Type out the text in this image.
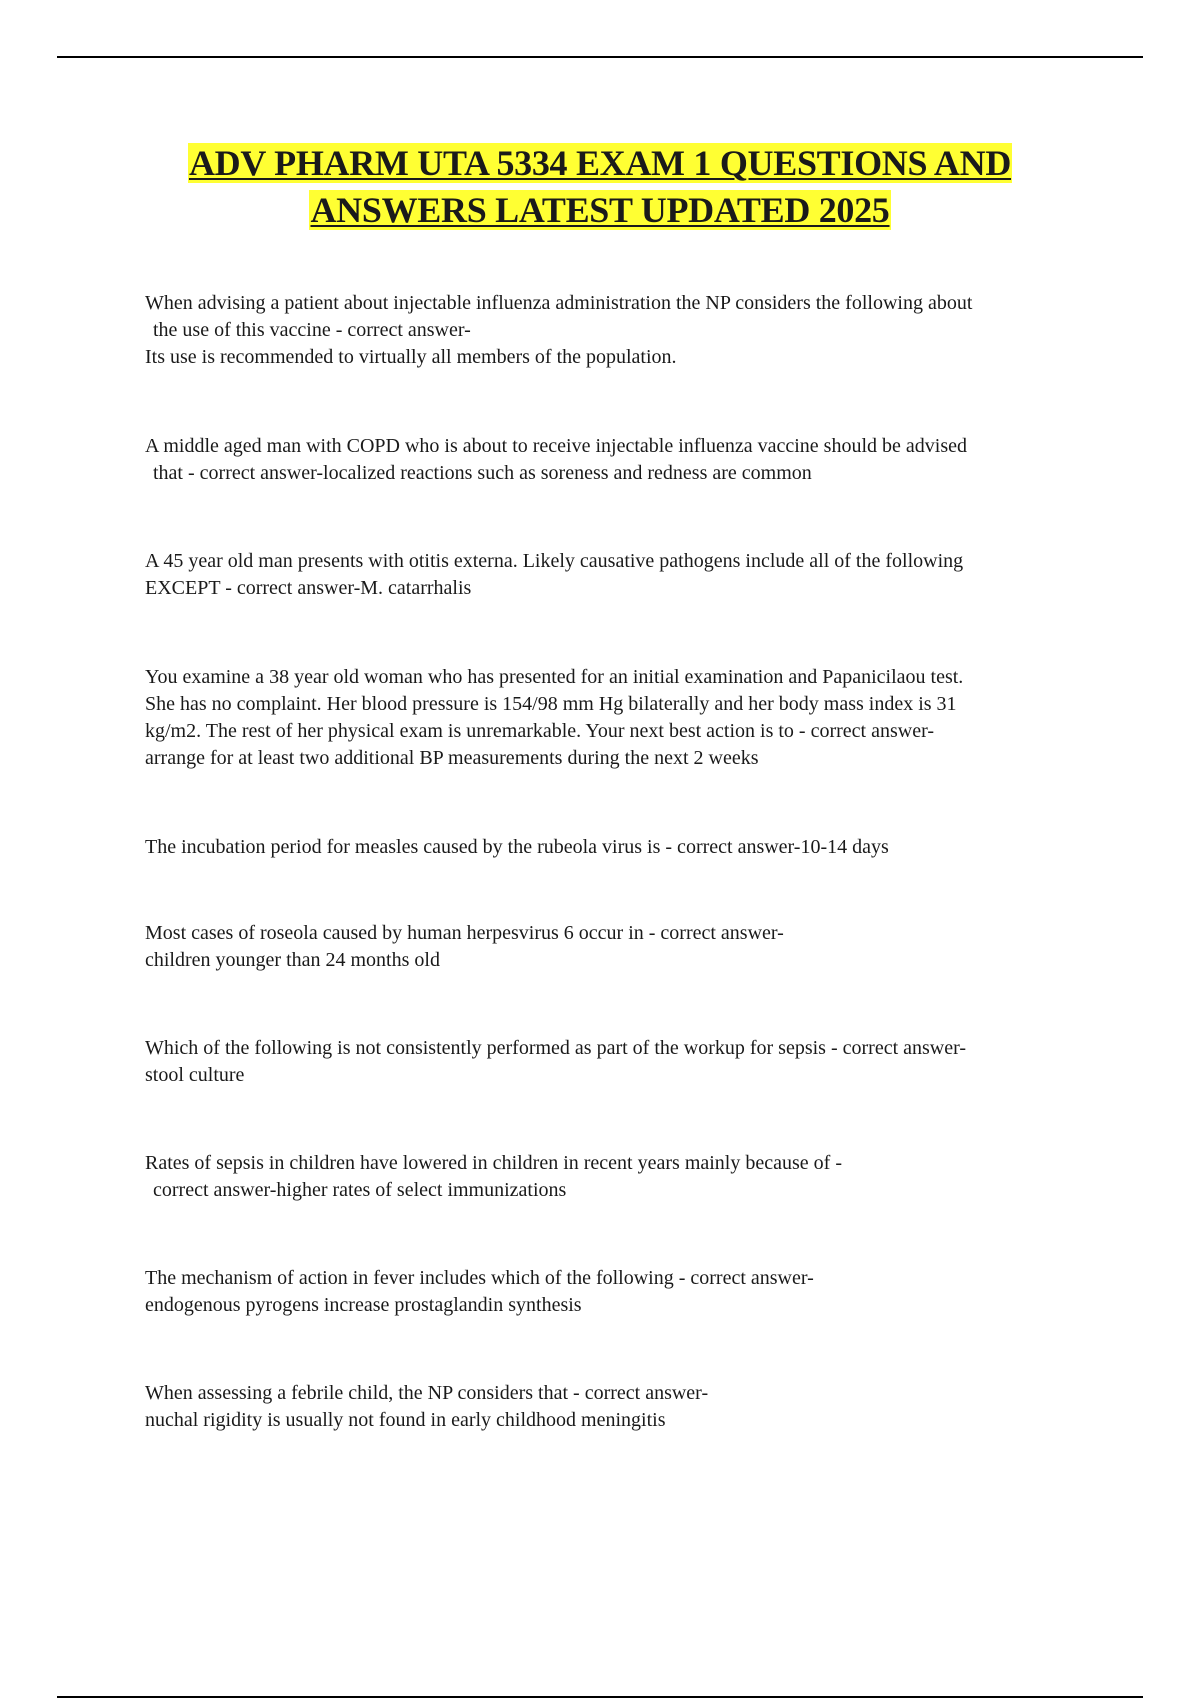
ADV PHARM UTA 5334 EXAM 1 QUESTIONS AND
ANSWERS LATEST UPDATED 2025
When advising a patient about injectable influenza administration the NP considers the following about
the use of this vaccine - correct answer-
Its use is recommended to virtually all members of the population.
A middle aged man with COPD who is about to receive injectable influenza vaccine should be advised
that - correct answer-localized reactions such as soreness and redness are common
A 45 year old man presents with otitis externa. Likely causative pathogens include all of the following
EXCEPT - correct answer-M. catarrhalis
You examine a 38 year old woman who has presented for an initial examination and Papanicilaou test.
She has no complaint. Her blood pressure is 154/98 mm Hg bilaterally and her body mass index is 31
kg/m2. The rest of her physical exam is unremarkable. Your next best action is to - correct answer-
arrange for at least two additional BP measurements during the next 2 weeks
The incubation period for measles caused by the rubeola virus is - correct answer-10-14 days
Most cases of roseola caused by human herpesvirus 6 occur in - correct answer-
children younger than 24 months old
Which of the following is not consistently performed as part of the workup for sepsis - correct answer-
stool culture
Rates of sepsis in children have lowered in children in recent years mainly because of -
correct answer-higher rates of select immunizations
The mechanism of action in fever includes which of the following - correct answer-
endogenous pyrogens increase prostaglandin synthesis
When assessing a febrile child, the NP considers that - correct answer-
nuchal rigidity is usually not found in early childhood meningitis
